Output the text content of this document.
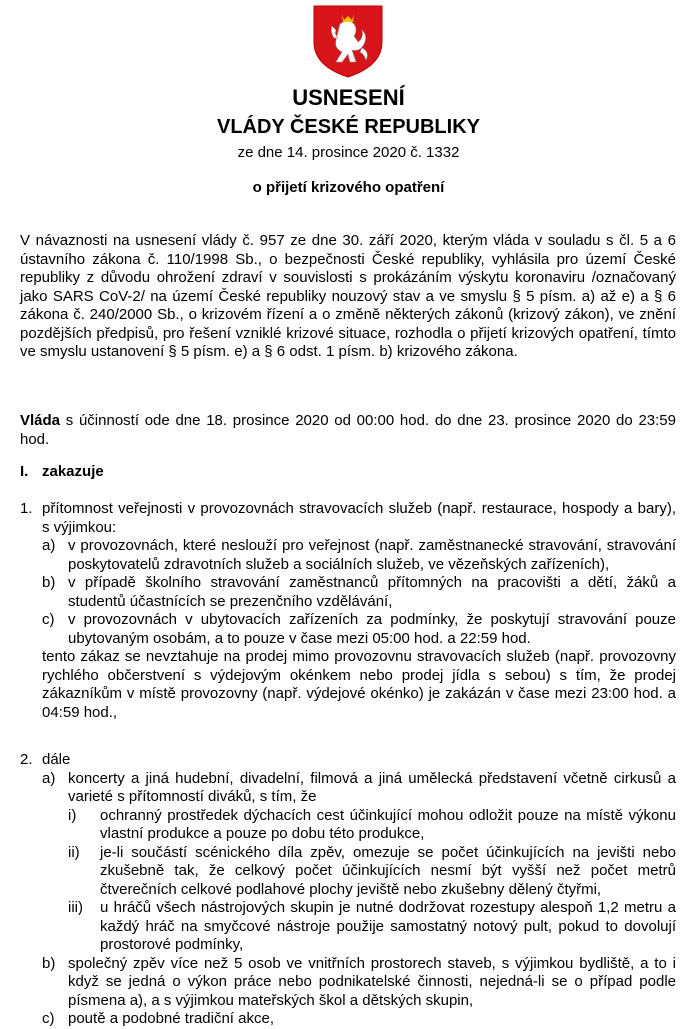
USNESENÍ
VLÁDY ČESKÉ REPUBLIKY
ze dne 14. prosince 2020 č. 1332
o přijetí krizového opatření

V návaznosti na usnesení vlády č. 957 ze dne 30. září 2020, kterým vláda v souladu s čl. 5 a 6 ústavního zákona č. 110/1998 Sb., o bezpečnosti České republiky, vyhlásila pro území České republiky z důvodu ohrožení zdraví v souvislosti s prokázáním výskytu koronaviru /označovaný jako SARS CoV-2/ na území České republiky nouzový stav a ve smyslu § 5 písm. a) až e) a § 6 zákona č. 240/2000 Sb., o krizovém řízení a o změně některých zákonů (krizový zákon), ve znění pozdějších předpisů, pro řešení vzniklé krizové situace, rozhodla o přijetí krizových opatření, tímto ve smyslu ustanovení § 5 písm. e) a § 6 odst. 1 písm. b) krizového zákona.

Vláda s účinností ode dne 18. prosince 2020 od 00:00 hod. do dne 23. prosince 2020 do 23:59 hod.

I. zakazuje
1. přítomnost veřejnosti v provozovnách stravovacích služeb (např. restaurace, hospody a bary), s výjimkou:
a) v provozovnách, které neslouží pro veřejnost (např. zaměstnanecké stravování, stravování poskytovatelů zdravotních služeb a sociálních služeb, ve vězeňských zařízeních),
b) v případě školního stravování zaměstnanců přítomných na pracovišti a dětí, žáků a studentů účastnících se prezenčního vzdělávání,
c) v provozovnách v ubytovacích zařízeních za podmínky, že poskytují stravování pouze ubytovaným osobám, a to pouze v čase mezi 05:00 hod. a 22:59 hod.
tento zákaz se nevztahuje na prodej mimo provozovnu stravovacích služeb (např. provozovny rychlého občerstvení s výdejovým okénkem nebo prodej jídla s sebou) s tím, že prodej zákazníkům v místě provozovny (např. výdejové okénko) je zakázán v čase mezi 23:00 hod. a 04:59 hod.,
2. dále
a) koncerty a jiná hudební, divadelní, filmová a jiná umělecká představení včetně cirkusů a varieté s přítomností diváků, s tím, že
i) ochranný prostředek dýchacích cest účinkující mohou odložit pouze na místě výkonu vlastní produkce a pouze po dobu této produkce,
ii) je-li součástí scénického díla zpěv, omezuje se počet účinkujících na jevišti nebo zkušebně tak, že celkový počet účinkujících nesmí být vyšší než počet metrů čtverečních celkové podlahové plochy jeviště nebo zkušebny dělený čtyřmi,
iii) u hráčů všech nástrojových skupin je nutné dodržovat rozestupy alespoň 1,2 metru a každý hráč na smyčcové nástroje použije samostatný notový pult, pokud to dovolují prostorové podmínky,
b) společný zpěv více než 5 osob ve vnitřních prostorech staveb, s výjimkou bydliště, a to i když se jedná o výkon práce nebo podnikatelské činnosti, nejedná-li se o případ podle písmena a), a s výjimkou mateřských škol a dětských skupin,
c) poutě a podobné tradiční akce,
